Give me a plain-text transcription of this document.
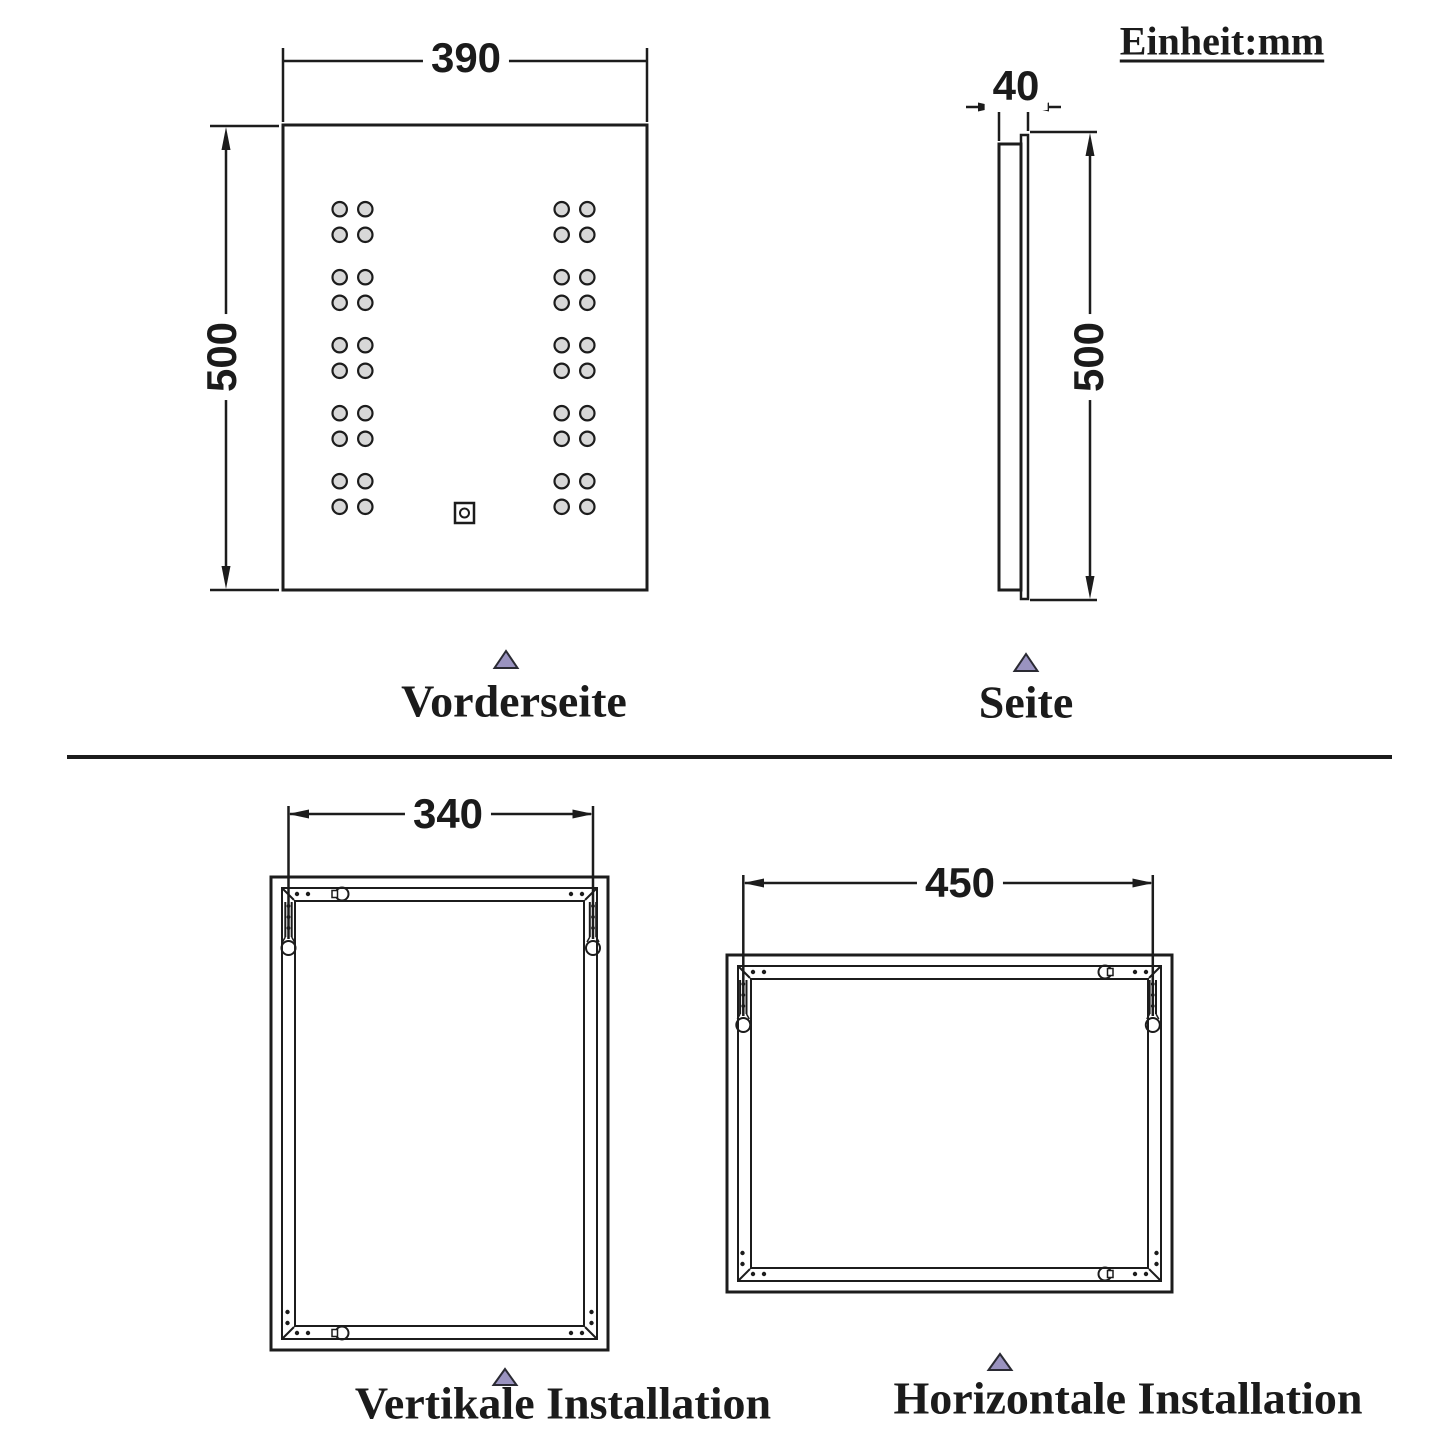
Einheit:mm
390
500
40
500
Vorderseite	Seite
340
450
Vertikale Installation	Horizontale Installation
